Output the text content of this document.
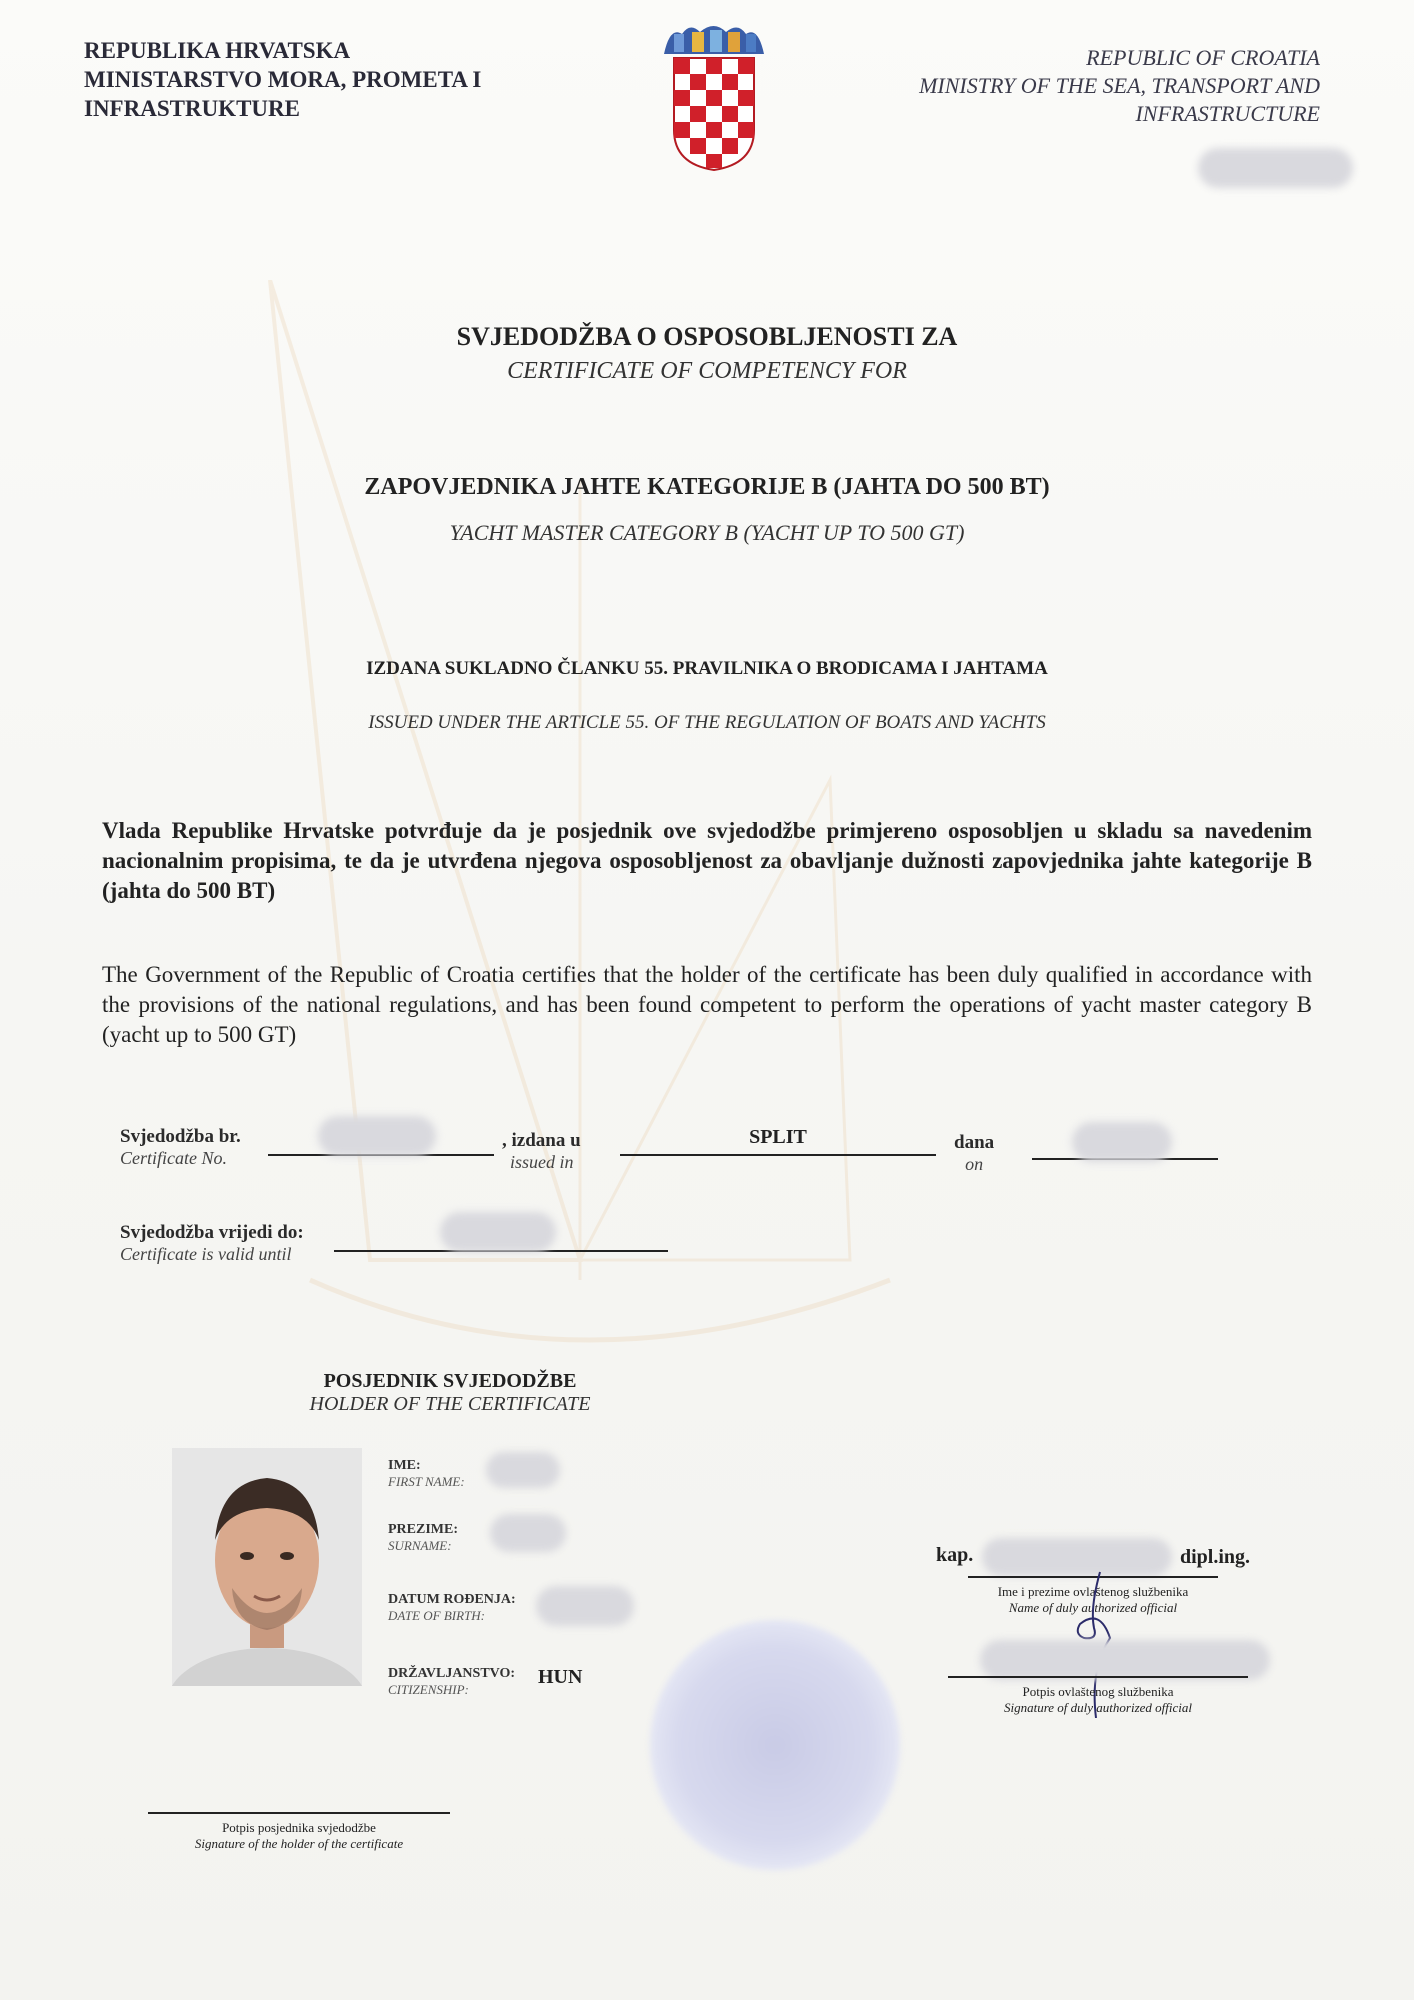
REPUBLIKA HRVATSKA
MINISTARSTVO MORA, PROMETA I
INFRASTRUKTURE
REPUBLIC OF CROATIA
MINISTRY OF THE SEA, TRANSPORT AND
INFRASTRUCTURE
SVJEDODŽBA O OSPOSOBLJENOSTI ZA
CERTIFICATE OF COMPETENCY FOR
ZAPOVJEDNIKA JAHTE KATEGORIJE B (JAHTA DO 500 BT)
YACHT MASTER CATEGORY B (YACHT UP TO 500 GT)
IZDANA SUKLADNO ČLANKU 55. PRAVILNIKA O BRODICAMA I JAHTAMA
ISSUED UNDER THE ARTICLE 55. OF THE REGULATION OF BOATS AND YACHTS
Vlada Republike Hrvatske potvrđuje da je posjednik ove svjedodžbe primjereno osposobljen u skladu sa navedenim nacionalnim propisima, te da je utvrđena njegova osposobljenost za obavljanje dužnosti zapovjednika jahte kategorije B (jahta do 500 BT)
The Government of the Republic of Croatia certifies that the holder of the certificate has been duly qualified in accordance with the provisions of the national regulations, and has been found competent to perform the operations of yacht master category B (yacht up to 500 GT)
Svjedodžba br.
Certificate No.
, izdana u
issued in
SPLIT	dana
on
Svjedodžba vrijedi do:
Certificate is valid until
POSJEDNIK SVJEDODŽBE
HOLDER OF THE CERTIFICATE
IME:
FIRST NAME:
PREZIME:
SURNAME:
DATUM ROĐENJA:
DATE OF BIRTH:
DRŽAVLJANSTVO:
CITIZENSHIP:
HUN
kap.	dipl.ing.
Ime i prezime ovlaštenog službenika
Name of duly authorized official
Potpis ovlaštenog službenika
Signature of duly authorized official
Potpis posjednika svjedodžbe
Signature of the holder of the certificate
